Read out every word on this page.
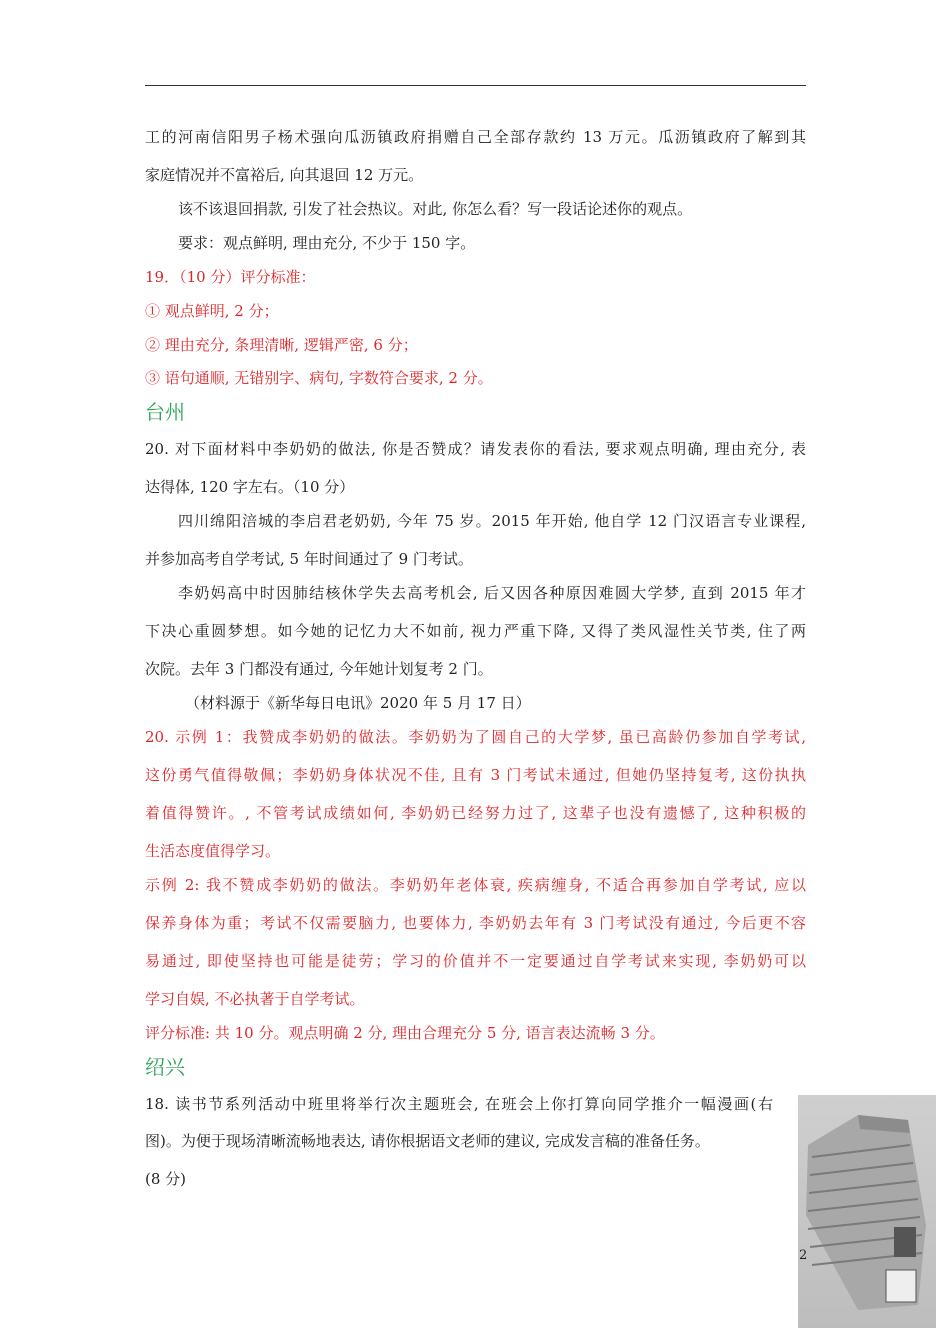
工的河南信阳男子杨术强向瓜沥镇政府捐赠自己全部存款约 13 万元。瓜沥镇政府了解到其
家庭情况并不富裕后, 向其退回 12 万元。
该不该退回捐款, 引发了社会热议。对此, 你怎么看？写一段话论述你的观点。
要求：观点鲜明, 理由充分, 不少于 150 字。
19．（10 分）评分标准：
① 观点鲜明, 2 分；
② 理由充分, 条理清晰, 逻辑严密, 6 分；
③ 语句通顺, 无错别字、病句, 字数符合要求, 2 分。
台州
20. 对下面材料中李奶奶的做法, 你是否赞成？请发表你的看法, 要求观点明确, 理由充分, 表
达得体, 120 字左右。（10 分）
四川绵阳涪城的李启君老奶奶, 今年 75 岁。2015 年开始, 他自学 12 门汉语言专业课程,
并参加高考自学考试, 5 年时间通过了 9 门考试。
李奶妈高中时因肺结核休学失去高考机会, 后又因各种原因难圆大学梦, 直到 2015 年才
下决心重圆梦想。如今她的记忆力大不如前, 视力严重下降, 又得了类风湿性关节类, 住了两
次院。去年 3 门都没有通过, 今年她计划复考 2 门。
（材料源于《新华每日电讯》2020 年 5 月 17 日）
20. 示例 1：我赞成李奶奶的做法。李奶奶为了圆自己的大学梦, 虽已高龄仍参加自学考试,
这份勇气值得敬佩；李奶奶身体状况不佳, 且有 3 门考试未通过, 但她仍坚持复考, 这份执执
着值得赞许。, 不管考试成绩如何, 李奶奶已经努力过了, 这辈子也没有遗憾了, 这种积极的
生活态度值得学习。
示例 2: 我不赞成李奶奶的做法。李奶奶年老体衰, 疾病缠身, 不适合再参加自学考试, 应以
保养身体为重；考试不仅需要脑力, 也要体力, 李奶奶去年有 3 门考试没有通过, 今后更不容
易通过, 即使坚持也可能是徒劳；学习的价值并不一定要通过自学考试来实现, 李奶奶可以
学习自娱, 不必执著于自学考试。
评分标准: 共 10 分。观点明确 2 分, 理由合理充分 5 分, 语言表达流畅 3 分。
绍兴
18. 读书节系列活动中班里将举行次主题班会, 在班会上你打算向同学推介一幅漫画(右
图)。为便于现场清晰流畅地表达, 请你根据语文老师的建议, 完成发言稿的准备任务。
(8 分)
2
